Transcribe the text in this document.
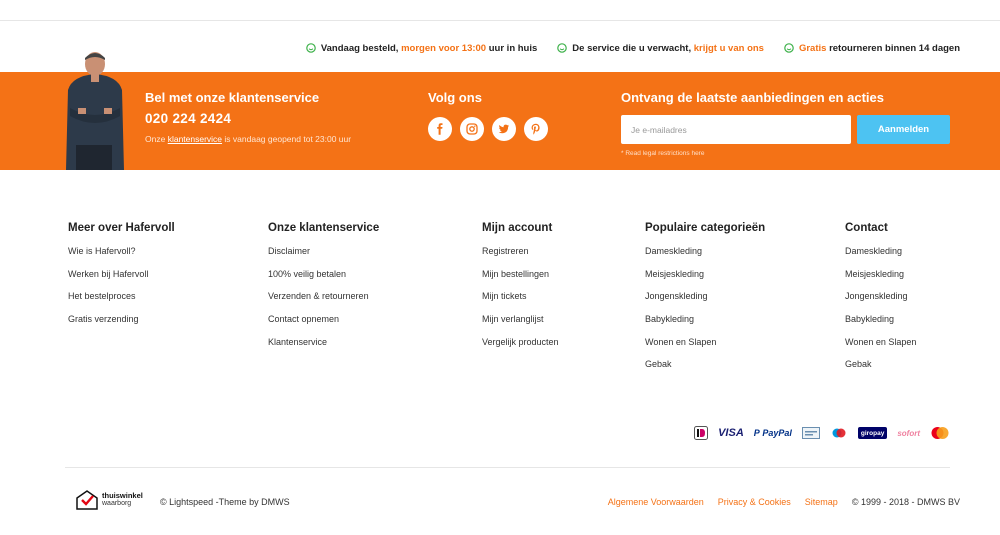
Vandaag besteld, morgen voor 13:00 uur in huis	De service die u verwacht, krijgt u van ons	Gratis retourneren binnen 14 dagen
Bel met onze klantenservice
020 224 2424
Onze klantenservice is vandaag geopend tot 23:00 uur
Volg ons	Ontvang de laatste aanbiedingen en acties
Je e-mailadres
Aanmelden
* Read legal restrictions here
Meer over Hafervoll
Wie is Hafervoll?
Werken bij Hafervoll
Het bestelproces
Gratis verzending
Onze klantenservice
Disclaimer
100% veilig betalen
Verzenden & retourneren
Contact opnemen
Klantenservice
Mijn account
Registreren
Mijn bestellingen
Mijn tickets
Mijn verlanglijst
Vergelijk producten
Populaire categorieën
Dameskleding
Meisjeskleding
Jongenskleding
Babykleding
Wonen en Slapen
Gebak
Contact
Dameskleding
Meisjeskleding
Jongenskleding
Babykleding
Wonen en Slapen
Gebak
VISA P
PayPal	giropay	sofort
thuiswinkel
waarborg	© Lightspeed -Theme by DMWS	Algemene Voorwaarden Privacy & Cookies Sitemap © 1999 - 2018 - DMWS BV
